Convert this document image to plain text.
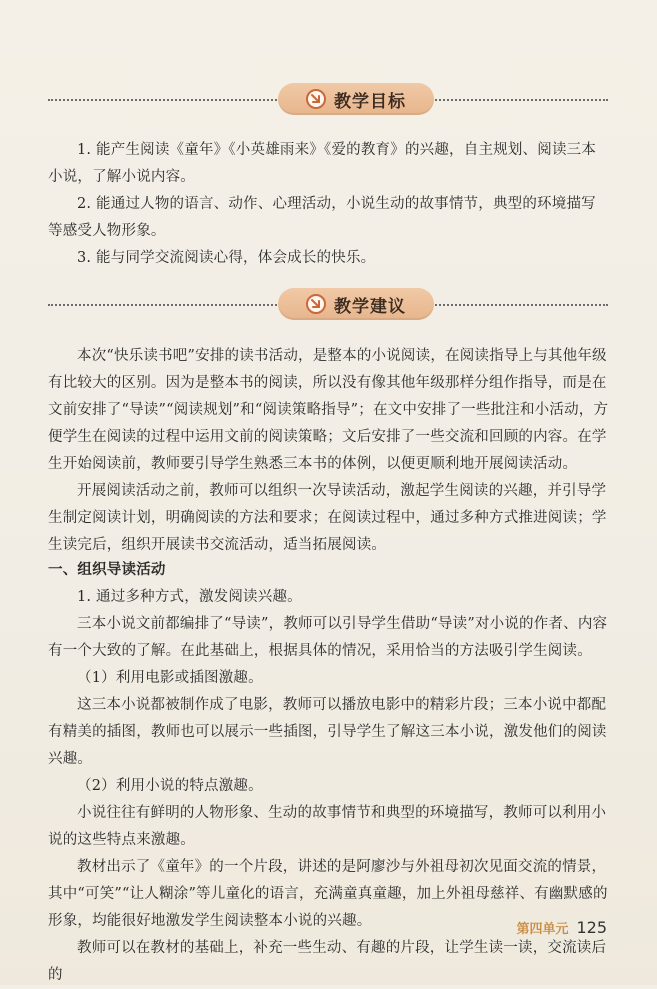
教学目标

1. 能产生阅读《童年》《小英雄雨来》《爱的教育》的兴趣，自主规划、阅读三本小说，了解小说内容。

2. 能通过人物的语言、动作、心理活动，小说生动的故事情节，典型的环境描写等感受人物形象。

3. 能与同学交流阅读心得，体会成长的快乐。

教学建议

本次“快乐读书吧”安排的读书活动，是整本的小说阅读，在阅读指导上与其他年级有比较大的区别。因为是整本书的阅读，所以没有像其他年级那样分组作指导，而是在文前安排了“导读”“阅读规划”和“阅读策略指导”；在文中安排了一些批注和小活动，方便学生在阅读的过程中运用文前的阅读策略；文后安排了一些交流和回顾的内容。在学生开始阅读前，教师要引导学生熟悉三本书的体例，以便更顺利地开展阅读活动。

开展阅读活动之前，教师可以组织一次导读活动，激起学生阅读的兴趣，并引导学生制定阅读计划，明确阅读的方法和要求；在阅读过程中，通过多种方式推进阅读；学生读完后，组织开展读书交流活动，适当拓展阅读。

一、组织导读活动

1. 通过多种方式，激发阅读兴趣。

三本小说文前都编排了“导读”，教师可以引导学生借助“导读”对小说的作者、内容有一个大致的了解。在此基础上，根据具体的情况，采用恰当的方法吸引学生阅读。

（1）利用电影或插图激趣。

这三本小说都被制作成了电影，教师可以播放电影中的精彩片段；三本小说中都配有精美的插图，教师也可以展示一些插图，引导学生了解这三本小说，激发他们的阅读兴趣。

（2）利用小说的特点激趣。

小说往往有鲜明的人物形象、生动的故事情节和典型的环境描写，教师可以利用小说的这些特点来激趣。

教材出示了《童年》的一个片段，讲述的是阿廖沙与外祖母初次见面交流的情景，其中“可笑”“让人糊涂”等儿童化的语言，充满童真童趣，加上外祖母慈祥、有幽默感的形象，均能很好地激发学生阅读整本小说的兴趣。

教师可以在教材的基础上，补充一些生动、有趣的片段，让学生读一读，交流读后的

第四单元 125
